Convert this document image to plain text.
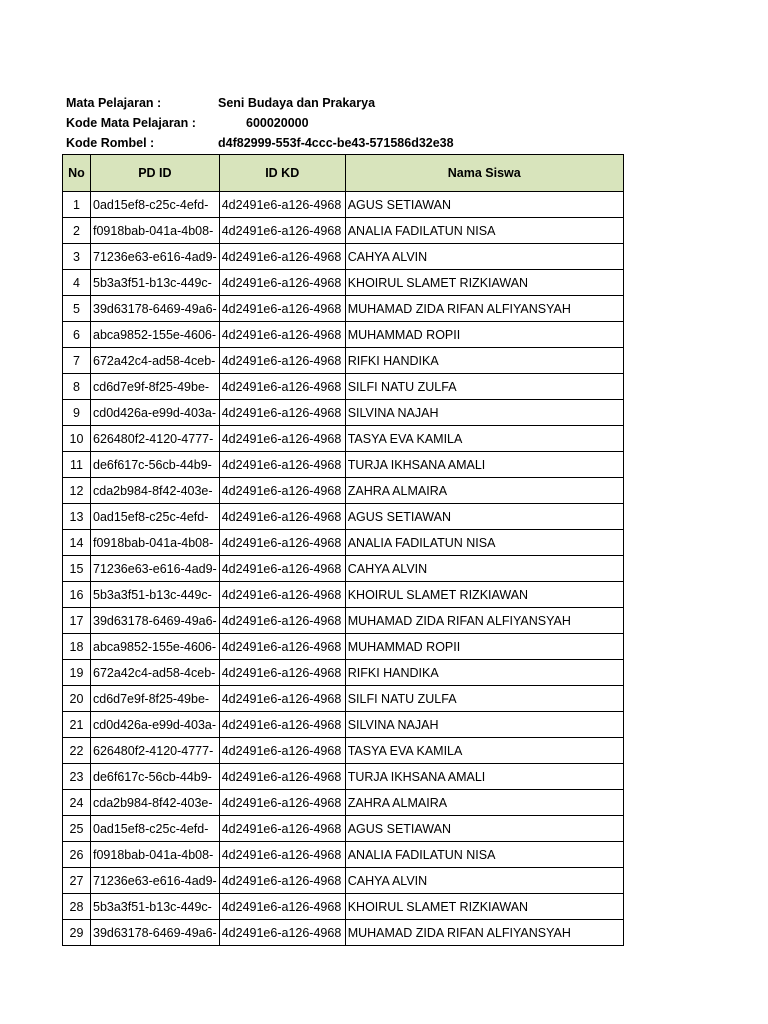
Mata Pelajaran :	Seni Budaya dan Prakarya
Kode Mata Pelajaran :	600020000
Kode Rombel :	d4f82999-553f-4ccc-be43-571586d32e38
No	PD ID	ID KD	Nama Siswa
1	0ad15ef8-c25c-4efd-	4d2491e6-a126-4968	AGUS SETIAWAN
2	f0918bab-041a-4b08-	4d2491e6-a126-4968	ANALIA FADILATUN NISA
3	71236e63-e616-4ad9-	4d2491e6-a126-4968	CAHYA ALVIN
4	5b3a3f51-b13c-449c-	4d2491e6-a126-4968	KHOIRUL SLAMET RIZKIAWAN
5	39d63178-6469-49a6-	4d2491e6-a126-4968	MUHAMAD ZIDA RIFAN ALFIYANSYAH
6	abca9852-155e-4606-	4d2491e6-a126-4968	MUHAMMAD ROPII
7	672a42c4-ad58-4ceb-	4d2491e6-a126-4968	RIFKI HANDIKA
8	cd6d7e9f-8f25-49be-	4d2491e6-a126-4968	SILFI NATU ZULFA
9	cd0d426a-e99d-403a-	4d2491e6-a126-4968	SILVINA NAJAH
10	626480f2-4120-4777-	4d2491e6-a126-4968	TASYA EVA KAMILA
11	de6f617c-56cb-44b9-	4d2491e6-a126-4968	TURJA IKHSANA AMALI
12	cda2b984-8f42-403e-	4d2491e6-a126-4968	ZAHRA ALMAIRA
13	0ad15ef8-c25c-4efd-	4d2491e6-a126-4968	AGUS SETIAWAN
14	f0918bab-041a-4b08-	4d2491e6-a126-4968	ANALIA FADILATUN NISA
15	71236e63-e616-4ad9-	4d2491e6-a126-4968	CAHYA ALVIN
16	5b3a3f51-b13c-449c-	4d2491e6-a126-4968	KHOIRUL SLAMET RIZKIAWAN
17	39d63178-6469-49a6-	4d2491e6-a126-4968	MUHAMAD ZIDA RIFAN ALFIYANSYAH
18	abca9852-155e-4606-	4d2491e6-a126-4968	MUHAMMAD ROPII
19	672a42c4-ad58-4ceb-	4d2491e6-a126-4968	RIFKI HANDIKA
20	cd6d7e9f-8f25-49be-	4d2491e6-a126-4968	SILFI NATU ZULFA
21	cd0d426a-e99d-403a-	4d2491e6-a126-4968	SILVINA NAJAH
22	626480f2-4120-4777-	4d2491e6-a126-4968	TASYA EVA KAMILA
23	de6f617c-56cb-44b9-	4d2491e6-a126-4968	TURJA IKHSANA AMALI
24	cda2b984-8f42-403e-	4d2491e6-a126-4968	ZAHRA ALMAIRA
25	0ad15ef8-c25c-4efd-	4d2491e6-a126-4968	AGUS SETIAWAN
26	f0918bab-041a-4b08-	4d2491e6-a126-4968	ANALIA FADILATUN NISA
27	71236e63-e616-4ad9-	4d2491e6-a126-4968	CAHYA ALVIN
28	5b3a3f51-b13c-449c-	4d2491e6-a126-4968	KHOIRUL SLAMET RIZKIAWAN
29	39d63178-6469-49a6-	4d2491e6-a126-4968	MUHAMAD ZIDA RIFAN ALFIYANSYAH
